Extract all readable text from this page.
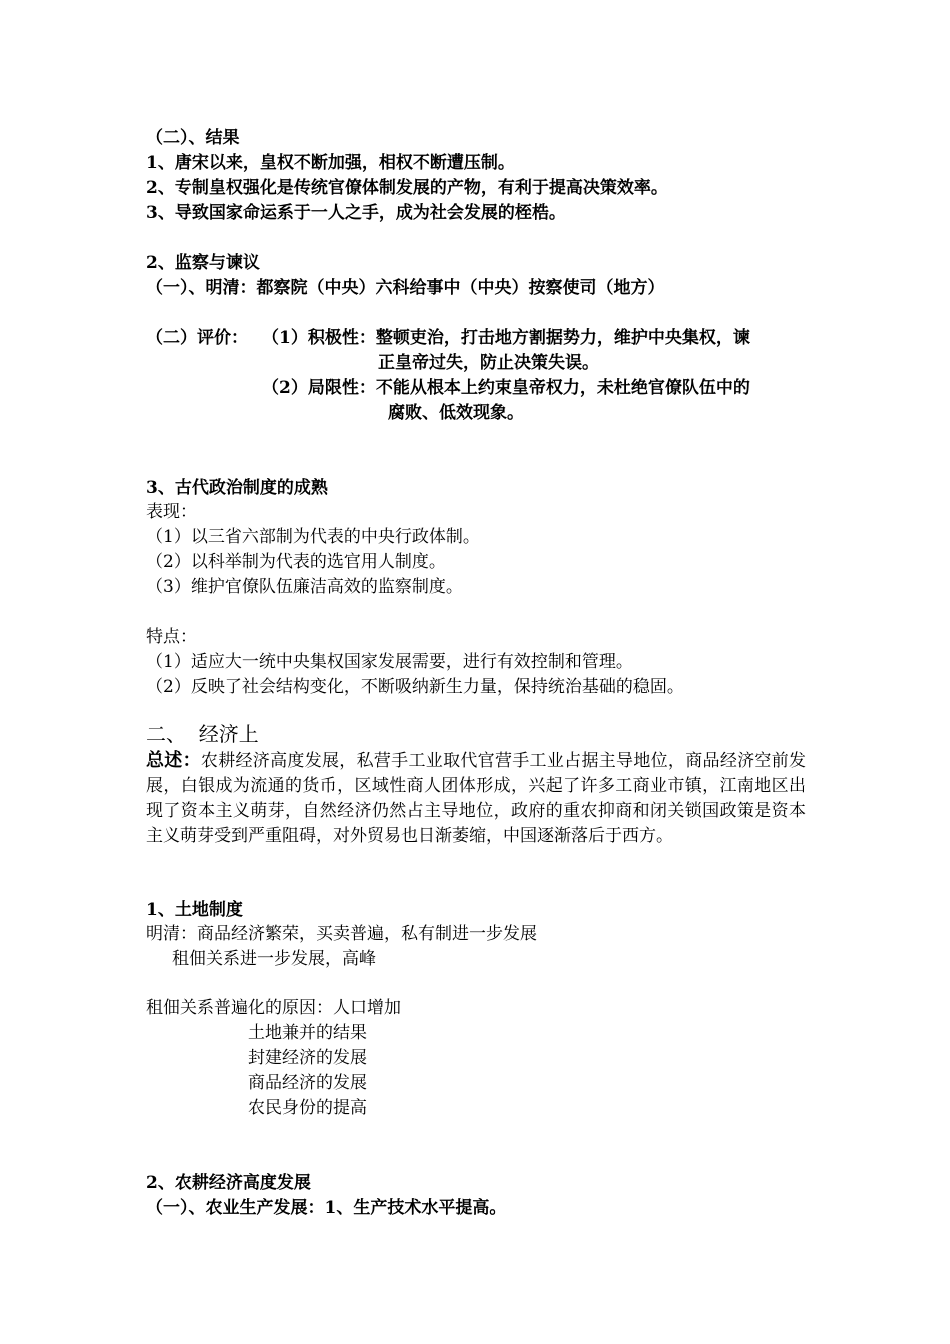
（二）、结果
1、唐宋以来，皇权不断加强，相权不断遭压制。
2、专制皇权强化是传统官僚体制发展的产物，有利于提高决策效率。
3、导致国家命运系于一人之手，成为社会发展的桎梏。
2、监察与谏议
（一）、明清：都察院（中央）六科给事中（中央）按察使司（地方）
（二）评价： （1）积极性：整顿吏治，打击地方割据势力，维护中央集权，谏
正皇帝过失，防止决策失误。
（2）局限性：不能从根本上约束皇帝权力，未杜绝官僚队伍中的
腐败、低效现象。
3、古代政治制度的成熟
表现：
（1）以三省六部制为代表的中央行政体制。
（2）以科举制为代表的选官用人制度。
（3）维护官僚队伍廉洁高效的监察制度。
特点：
（1）适应大一统中央集权国家发展需要，进行有效控制和管理。
（2）反映了社会结构变化，不断吸纳新生力量，保持统治基础的稳固。
二、  经济上
总述：农耕经济高度发展，私营手工业取代官营手工业占据主导地位，商品经济空前发展，白银成为流通的货币，区域性商人团体形成，兴起了许多工商业市镇，江南地区出现了资本主义萌芽，自然经济仍然占主导地位，政府的重农抑商和闭关锁国政策是资本主义萌芽受到严重阻碍，对外贸易也日渐萎缩，中国逐渐落后于西方。
1、土地制度
明清：商品经济繁荣，买卖普遍，私有制进一步发展
租佃关系进一步发展，高峰
租佃关系普遍化的原因：人口增加
土地兼并的结果
封建经济的发展
商品经济的发展
农民身份的提高
2、农耕经济高度发展
（一）、农业生产发展：1、生产技术水平提高。
